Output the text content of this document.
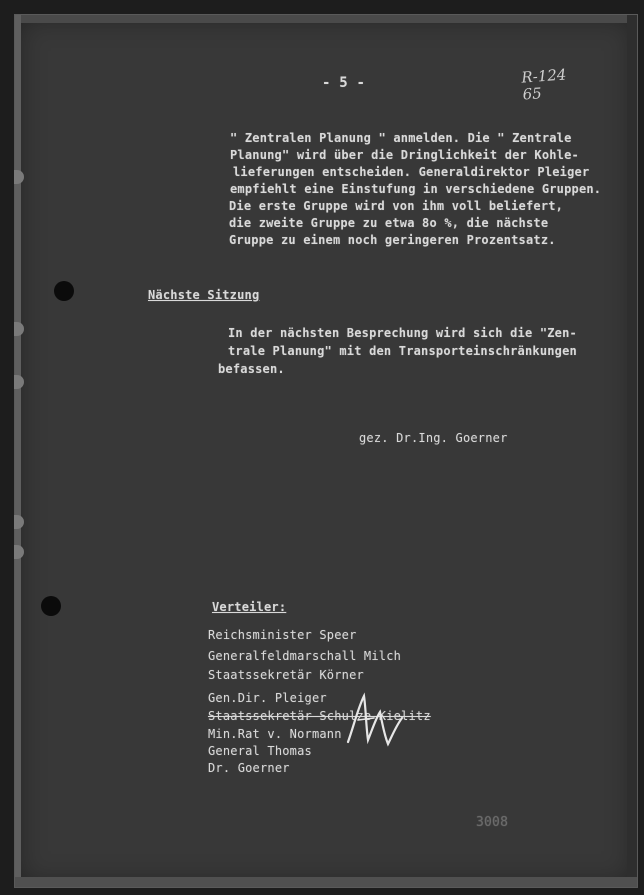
- 5 -	R-124
65
" Zentralen Planung " anmelden. Die " Zentrale
Planung" wird über die Dringlichkeit der Kohle-
lieferungen entscheiden. Generaldirektor Pleiger
empfiehlt eine Einstufung in verschiedene Gruppen.
Die erste Gruppe wird von ihm voll beliefert,
die zweite Gruppe zu etwa 8o %, die nächste
Gruppe zu einem noch geringeren Prozentsatz.
Nächste Sitzung
In der nächsten Besprechung wird sich die "Zen-
trale Planung" mit den Transporteinschränkungen
befassen.
gez. Dr.Ing. Goerner
Verteiler:
Reichsminister Speer
Generalfeldmarschall Milch
Staatssekretär Körner
Gen.Dir. Pleiger
Staatssekretär Schulze-Kielitz
Min.Rat v. Normann
General Thomas
Dr. Goerner
3008
